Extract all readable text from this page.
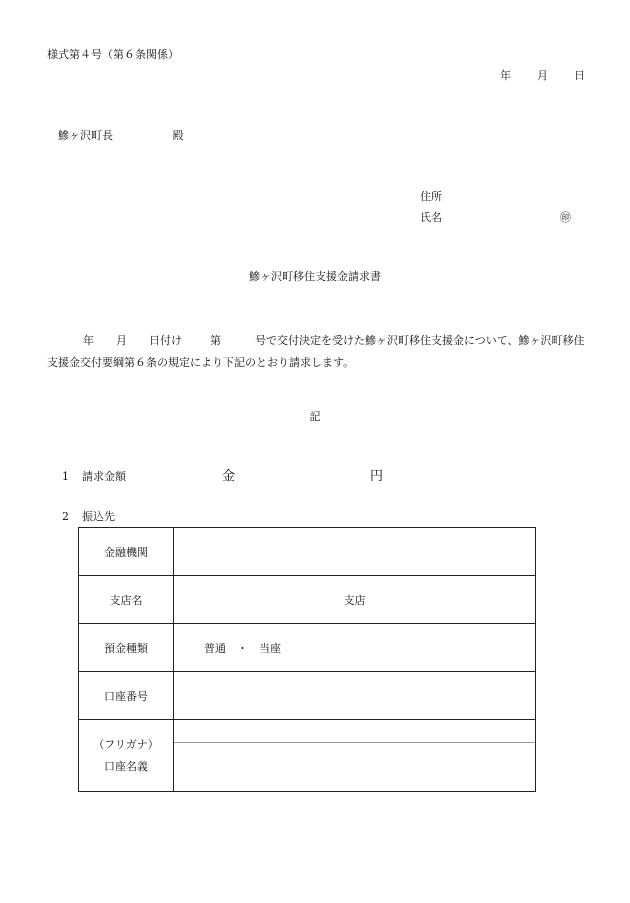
様式第４号（第６条関係）
年 月 日
鰺ヶ沢町長	殿
住所
氏名	㊞
鰺ヶ沢町移住支援金請求書
年 月 日付け	第	号で交付決定を受けた鰺ヶ沢町移住支援金について、鰺ヶ沢町移住支援金交付要綱第６条の規定により下記のとおり請求します。
記
1 請求金額	金	円
2 振込先
金融機関	
支店名	支店
預金種類	普通　・　当座
口座番号	

（フリガナ）
口座名義	
